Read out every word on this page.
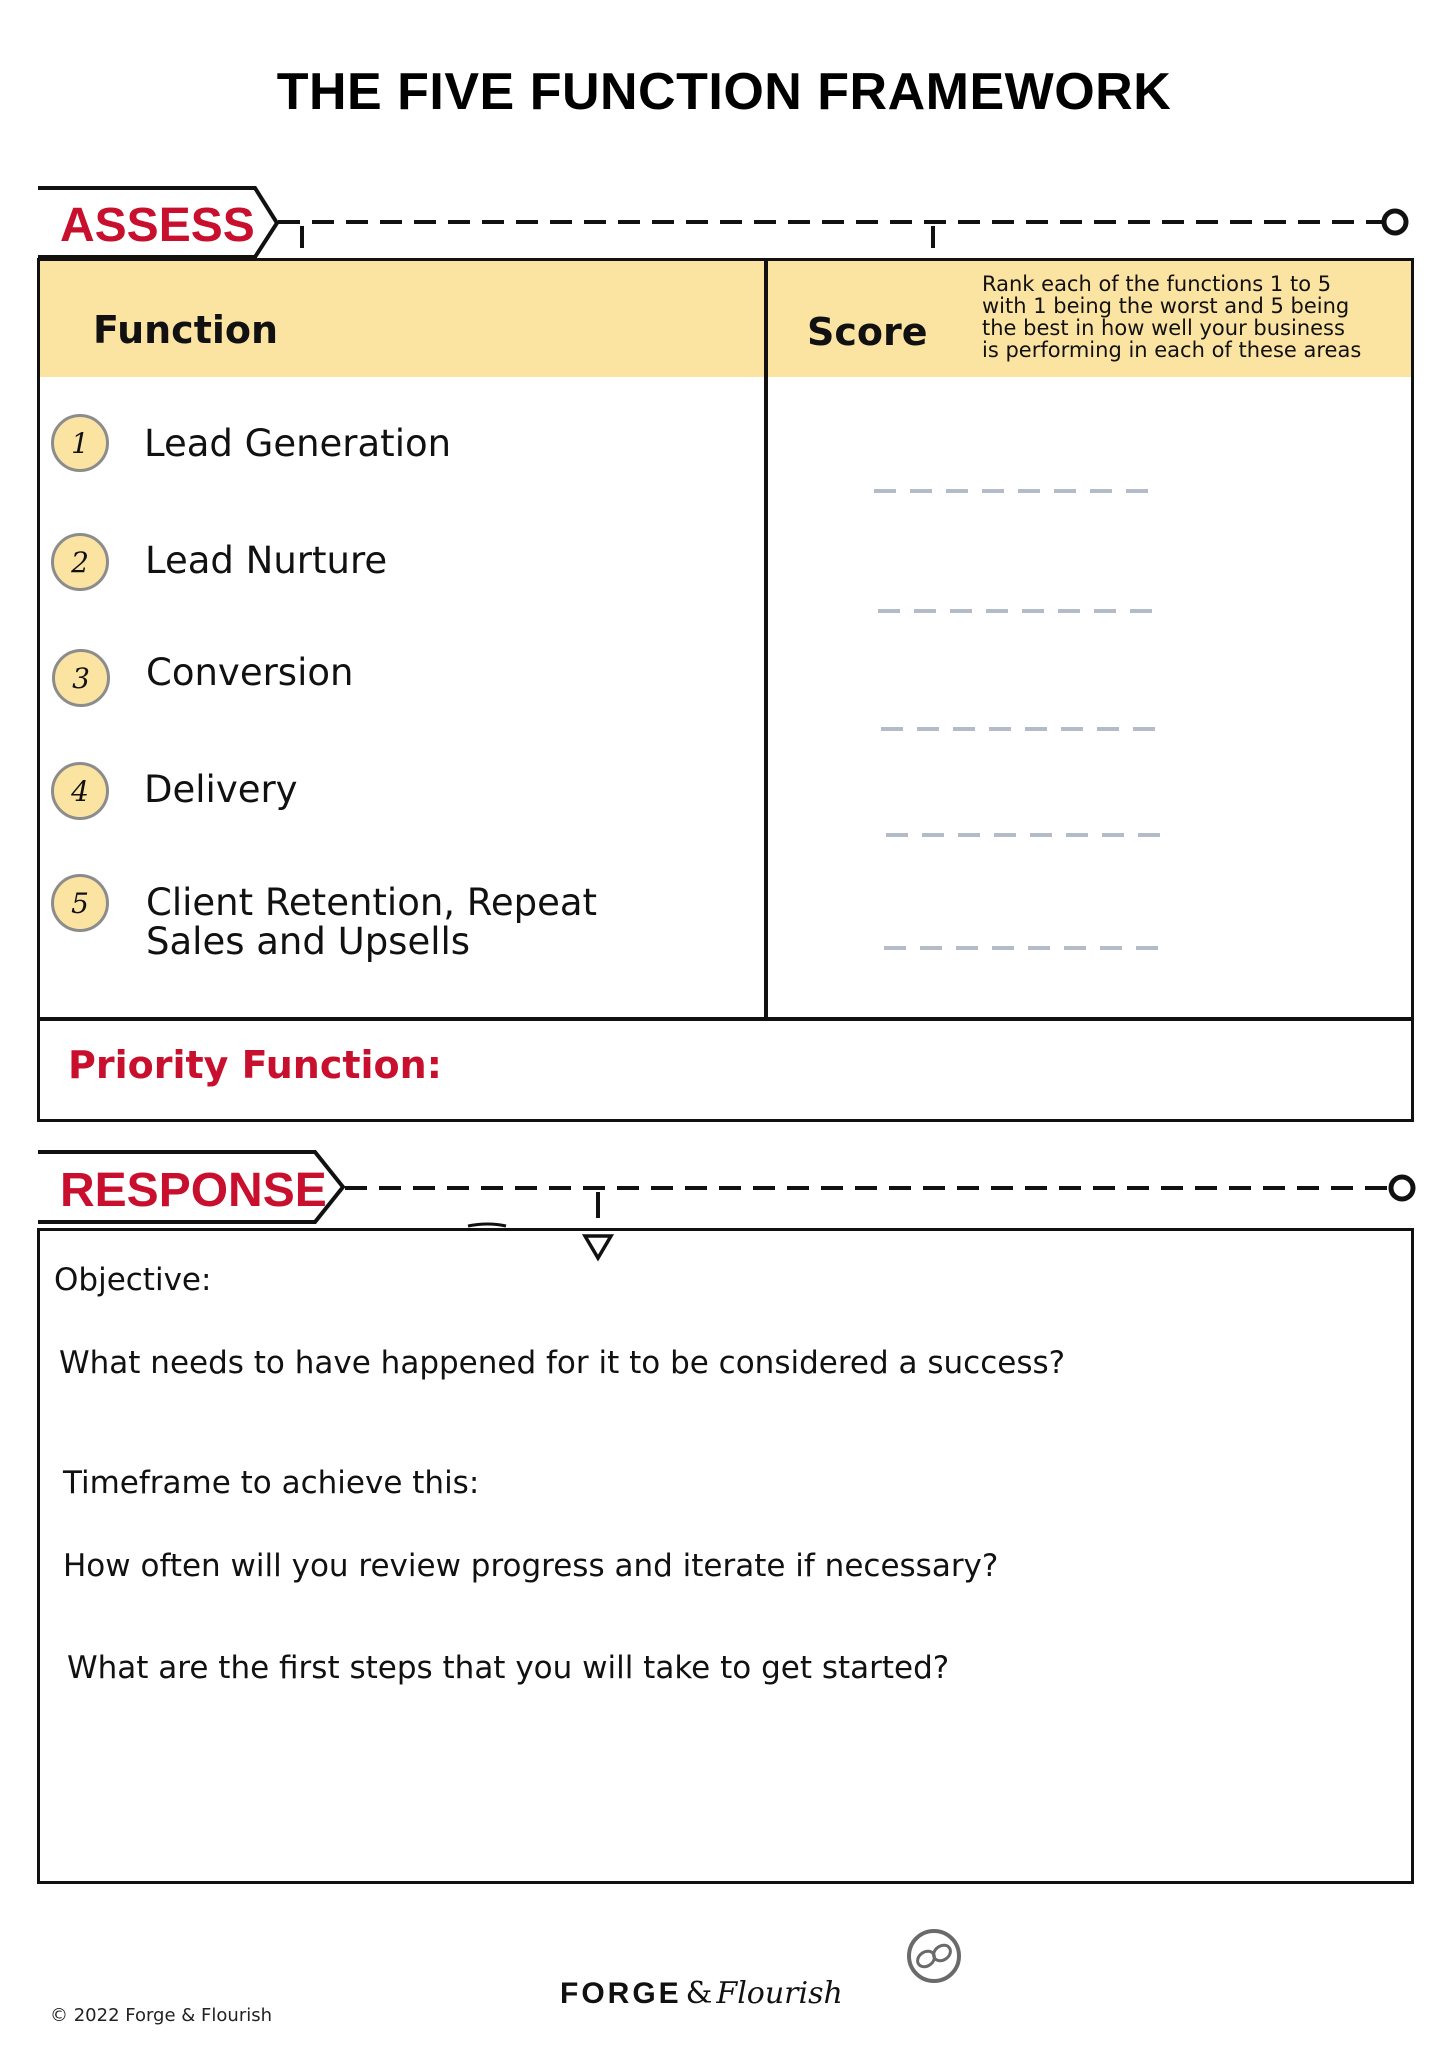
THE FIVE FUNCTION FRAMEWORK
ASSESS
Function	Score
Rank each of the functions 1 to 5
with 1 being the worst and 5 being
the best in how well your business
is performing in each of these areas
1	Lead Generation
2	Lead Nurture
3	Conversion
4	Delivery
5	Client Retention, Repeat
Sales and Upsells
Priority Function:
RESPONSE
Objective:
What needs to have happened for it to be considered a success?
Timeframe to achieve this:
How often will you review progress and iterate if necessary?
What are the first steps that you will take to get started?
FORGE & Flourish
© 2022 Forge & Flourish
